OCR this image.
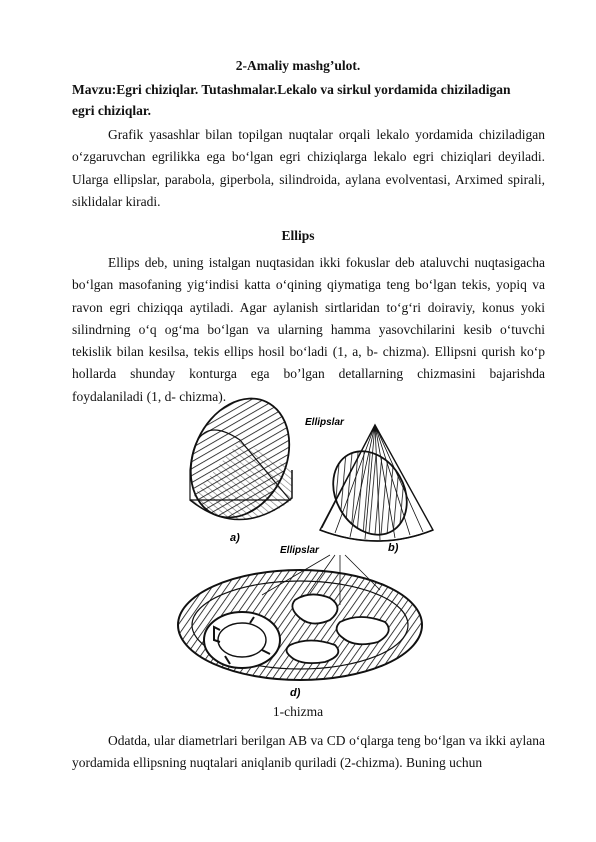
2-Amaliy mashg’ulot.
Mavzu:Egri chiziqlar. Tutashmalar.Lekalo va sirkul yordamida chiziladigan
egri chiziqlar.
Grafik yasashlar bilan topilgan nuqtalar orqali lekalo yordamida chiziladigan o‘zgaruvchan egrilikka ega bo‘lgan egri chiziqlarga lekalo egri chiziqlari deyiladi. Ularga ellipslar, parabola, giperbola, silindroida, aylana evolventasi, Arximed spirali, siklidalar kiradi.
Ellips
Ellips deb, uning istalgan nuqtasidan ikki fokuslar deb ataluvchi nuqtasigacha bo‘lgan masofaning yig‘indisi katta o‘qining qiymatiga teng bo‘lgan tekis, yopiq va ravon egri chiziqqa aytiladi. Agar aylanish sirtlaridan to‘g‘ri doiraviy, konus yoki silindrning o‘q og‘ma bo‘lgan va ularning hamma yasovchilarini kesib o‘tuvchi tekislik bilan kesilsa, tekis ellips hosil bo‘ladi (1, a, b- chizma). Ellipsni qurish ko‘p hollarda shunday konturga ega bo’lgan detallarning chizmasini bajarishda foydalaniladi (1, d- chizma).
Ellipslar
a)
b)
Ellipslar
d)
1-chizma
Odatda, ular diametrlari berilgan AB va CD o‘qlarga teng bo‘lgan va ikki aylana yordamida ellipsning nuqtalari aniqlanib quriladi (2-chizma). Buning uchun
